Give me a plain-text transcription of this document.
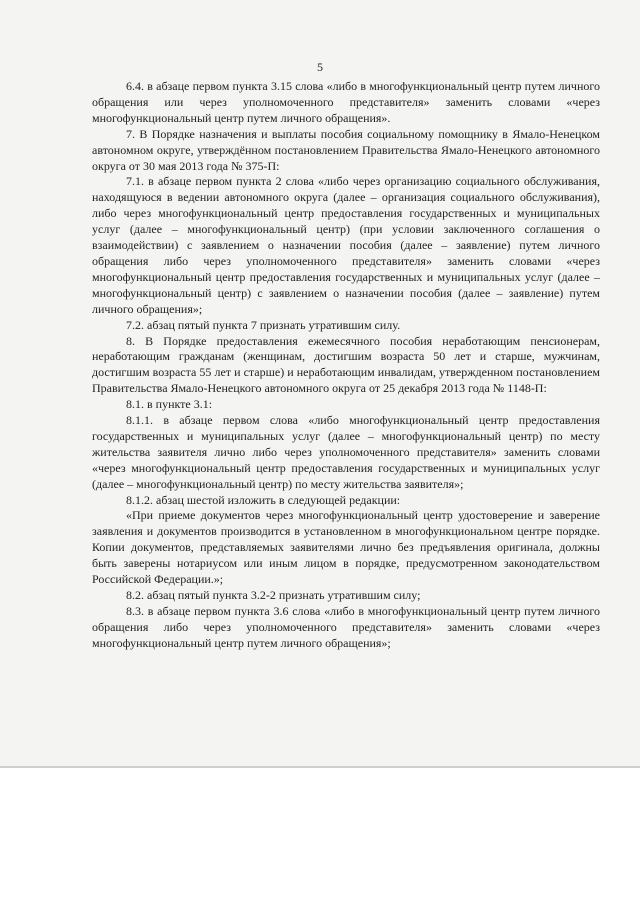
5

6.4. в абзаце первом пункта 3.15 слова «либо в многофункциональный центр путем личного обращения или через уполномоченного представителя» заменить словами «через многофункциональный центр путем личного обращения».

7. В Порядке назначения и выплаты пособия социальному помощнику в Ямало-Ненецком автономном округе, утверждённом постановлением Правительства Ямало-Ненецкого автономного округа от 30 мая 2013 года № 375-П:

7.1. в абзаце первом пункта 2 слова «либо через организацию социального обслуживания, находящуюся в ведении автономного округа (далее – организация социального обслуживания), либо через многофункциональный центр предоставления государственных и муниципальных услуг (далее – многофункциональный центр) (при условии заключенного соглашения о взаимодействии) с заявлением о назначении пособия (далее – заявление) путем личного обращения либо через уполномоченного представителя» заменить словами «через многофункциональный центр предоставления государственных и муниципальных услуг (далее – многофункциональный центр) с заявлением о назначении пособия (далее – заявление) путем личного обращения»;

7.2. абзац пятый пункта 7 признать утратившим силу.

8. В Порядке предоставления ежемесячного пособия неработающим пенсионерам, неработающим гражданам (женщинам, достигшим возраста 50 лет и старше, мужчинам, достигшим возраста 55 лет и старше) и неработающим инвалидам, утвержденном постановлением Правительства Ямало-Ненецкого автономного округа от 25 декабря 2013 года № 1148-П:

8.1. в пункте 3.1:

8.1.1. в абзаце первом слова «либо многофункциональный центр предоставления государственных и муниципальных услуг (далее – многофункциональный центр) по месту жительства заявителя лично либо через уполномоченного представителя» заменить словами «через многофункциональный центр предоставления государственных и муниципальных услуг (далее – многофункциональный центр) по месту жительства заявителя»;

8.1.2. абзац шестой изложить в следующей редакции:

«При приеме документов через многофункциональный центр удостоверение и заверение заявления и документов производится в установленном в многофункциональном центре порядке. Копии документов, представляемых заявителями лично без предъявления оригинала, должны быть заверены нотариусом или иным лицом в порядке, предусмотренном законодательством Российской Федерации.»;

8.2. абзац пятый пункта 3.2-2 признать утратившим силу;

8.3. в абзаце первом пункта 3.6 слова «либо в многофункциональный центр путем личного обращения либо через уполномоченного представителя» заменить словами «через многофункциональный центр путем личного обращения»;
